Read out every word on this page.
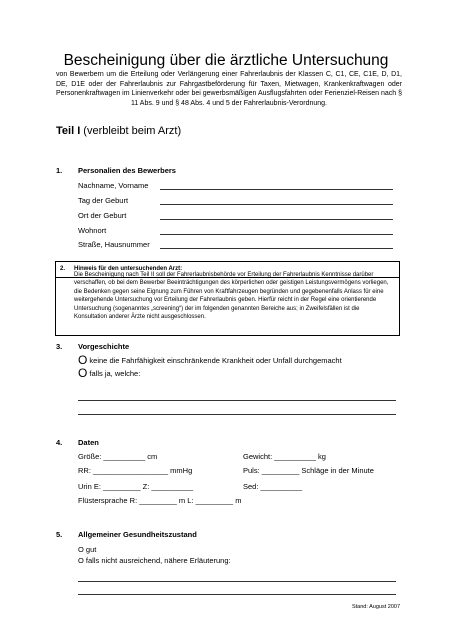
Bescheinigung über die ärztliche Untersuchung
von Bewerbern um die Erteilung oder Verlängerung einer Fahrerlaubnis der Klassen C, C1, CE, C1E, D, D1, DE, D1E oder der Fahrerlaubnis zur Fahrgastbeförderung für Taxen, Mietwagen, Krankenkraftwagen oder Personenkraftwagen im Linienverkehr oder bei gewerbsmäßigen Ausflugsfahrten oder Ferienziel-Reisen nach § 11 Abs. 9 und § 48 Abs. 4 und 5 der Fahrerlaubnis-Verordnung.
Teil I (verbleibt beim Arzt)
1. Personalien des Bewerbers
Nachname, Vorname
Tag der Geburt
Ort der Geburt
Wohnort
Straße, Hausnummer
2. Hinweis für den untersuchenden Arzt:
Die Bescheinigung nach Teil II soll der Fahrerlaubnisbehörde vor Erteilung der Fahrerlaubnis Kenntnisse darüber verschaffen, ob bei dem Bewerber Beeinträchtigungen des körperlichen oder geistigen Leistungsvermögens vorliegen, die Bedenken gegen seine Eignung zum Führen von Kraftfahrzeugen begründen und gegebenenfalls Anlass für eine weitergehende Untersuchung vor Erteilung der Fahrerlaubnis geben. Hierfür reicht in der Regel eine orientierende Untersuchung (sogenanntes „screening“) der im folgenden genannten Bereiche aus; in Zweifelsfällen ist die Konsultation anderer Ärzte nicht ausgeschlossen.
3. Vorgeschichte
O keine die Fahrfähigkeit einschränkende Krankheit oder Unfall durchgemacht
O falls ja, welche:
4. Daten
Größe: __________ cm	Gewicht: __________ kg
RR: __________________ mmHg	Puls: _________ Schläge in der Minute
Urin E: _________ Z: __________	Sed: __________
Flüstersprache R: _________ m L: _________ m
5. Allgemeiner Gesundheitszustand
O gut
O falls nicht ausreichend, nähere Erläuterung:
Stand: August 2007
